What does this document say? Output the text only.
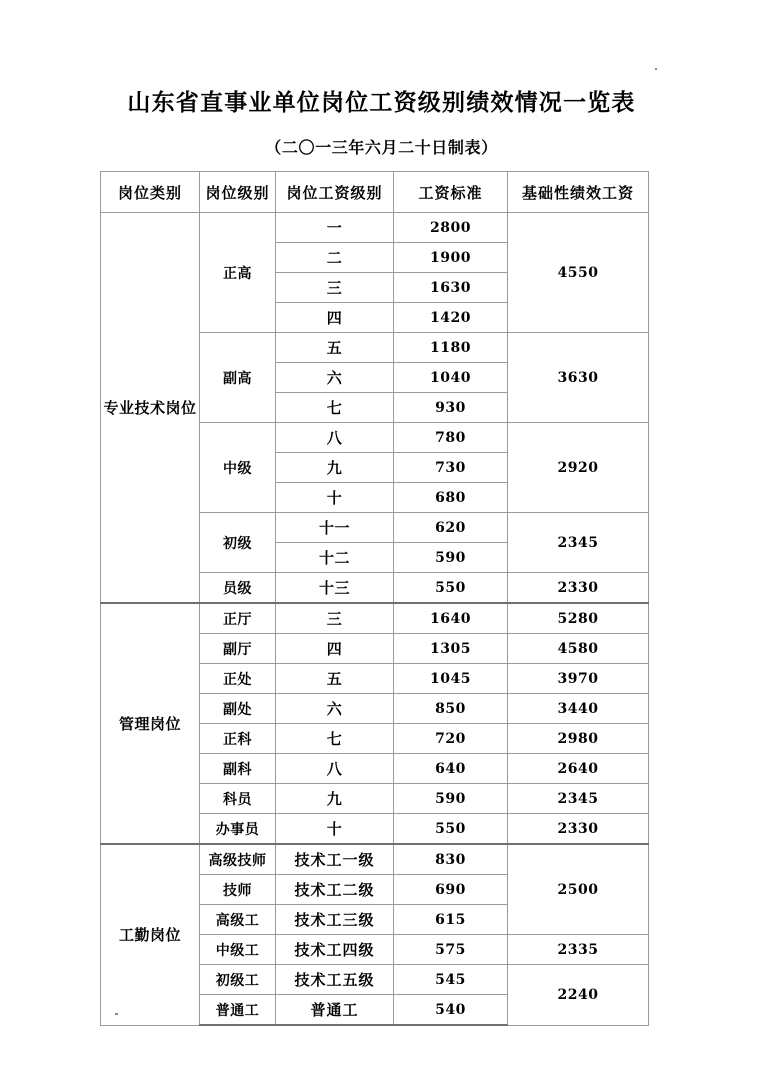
山东省直事业单位岗位工资级别绩效情况一览表
（二〇一三年六月二十日制表）
岗位类别	岗位级别	岗位工资级别	工资标准	基础性绩效工资
专业技术岗位	正高	一	2800	4550
		二	1900	
		三	1630	
		四	1420	
	副高	五	1180	3630
		六	1040	
		七	930	
	中级	八	780	2920
		九	730	
		十	680	
	初级	十一	620	2345
		十二	590	
	员级	十三	550	2330
管理岗位	正厅	三	1640	5280
	副厅	四	1305	4580
	正处	五	1045	3970
	副处	六	850	3440
	正科	七	720	2980
	副科	八	640	2640
	科员	九	590	2345
	办事员	十	550	2330
工勤岗位	高级技师	技术工一级	830	2500
	技师	技术工二级	690	
	高级工	技术工三级	615	
	中级工	技术工四级	575	2335
	初级工	技术工五级	545	2240
	普通工	普通工	540	
